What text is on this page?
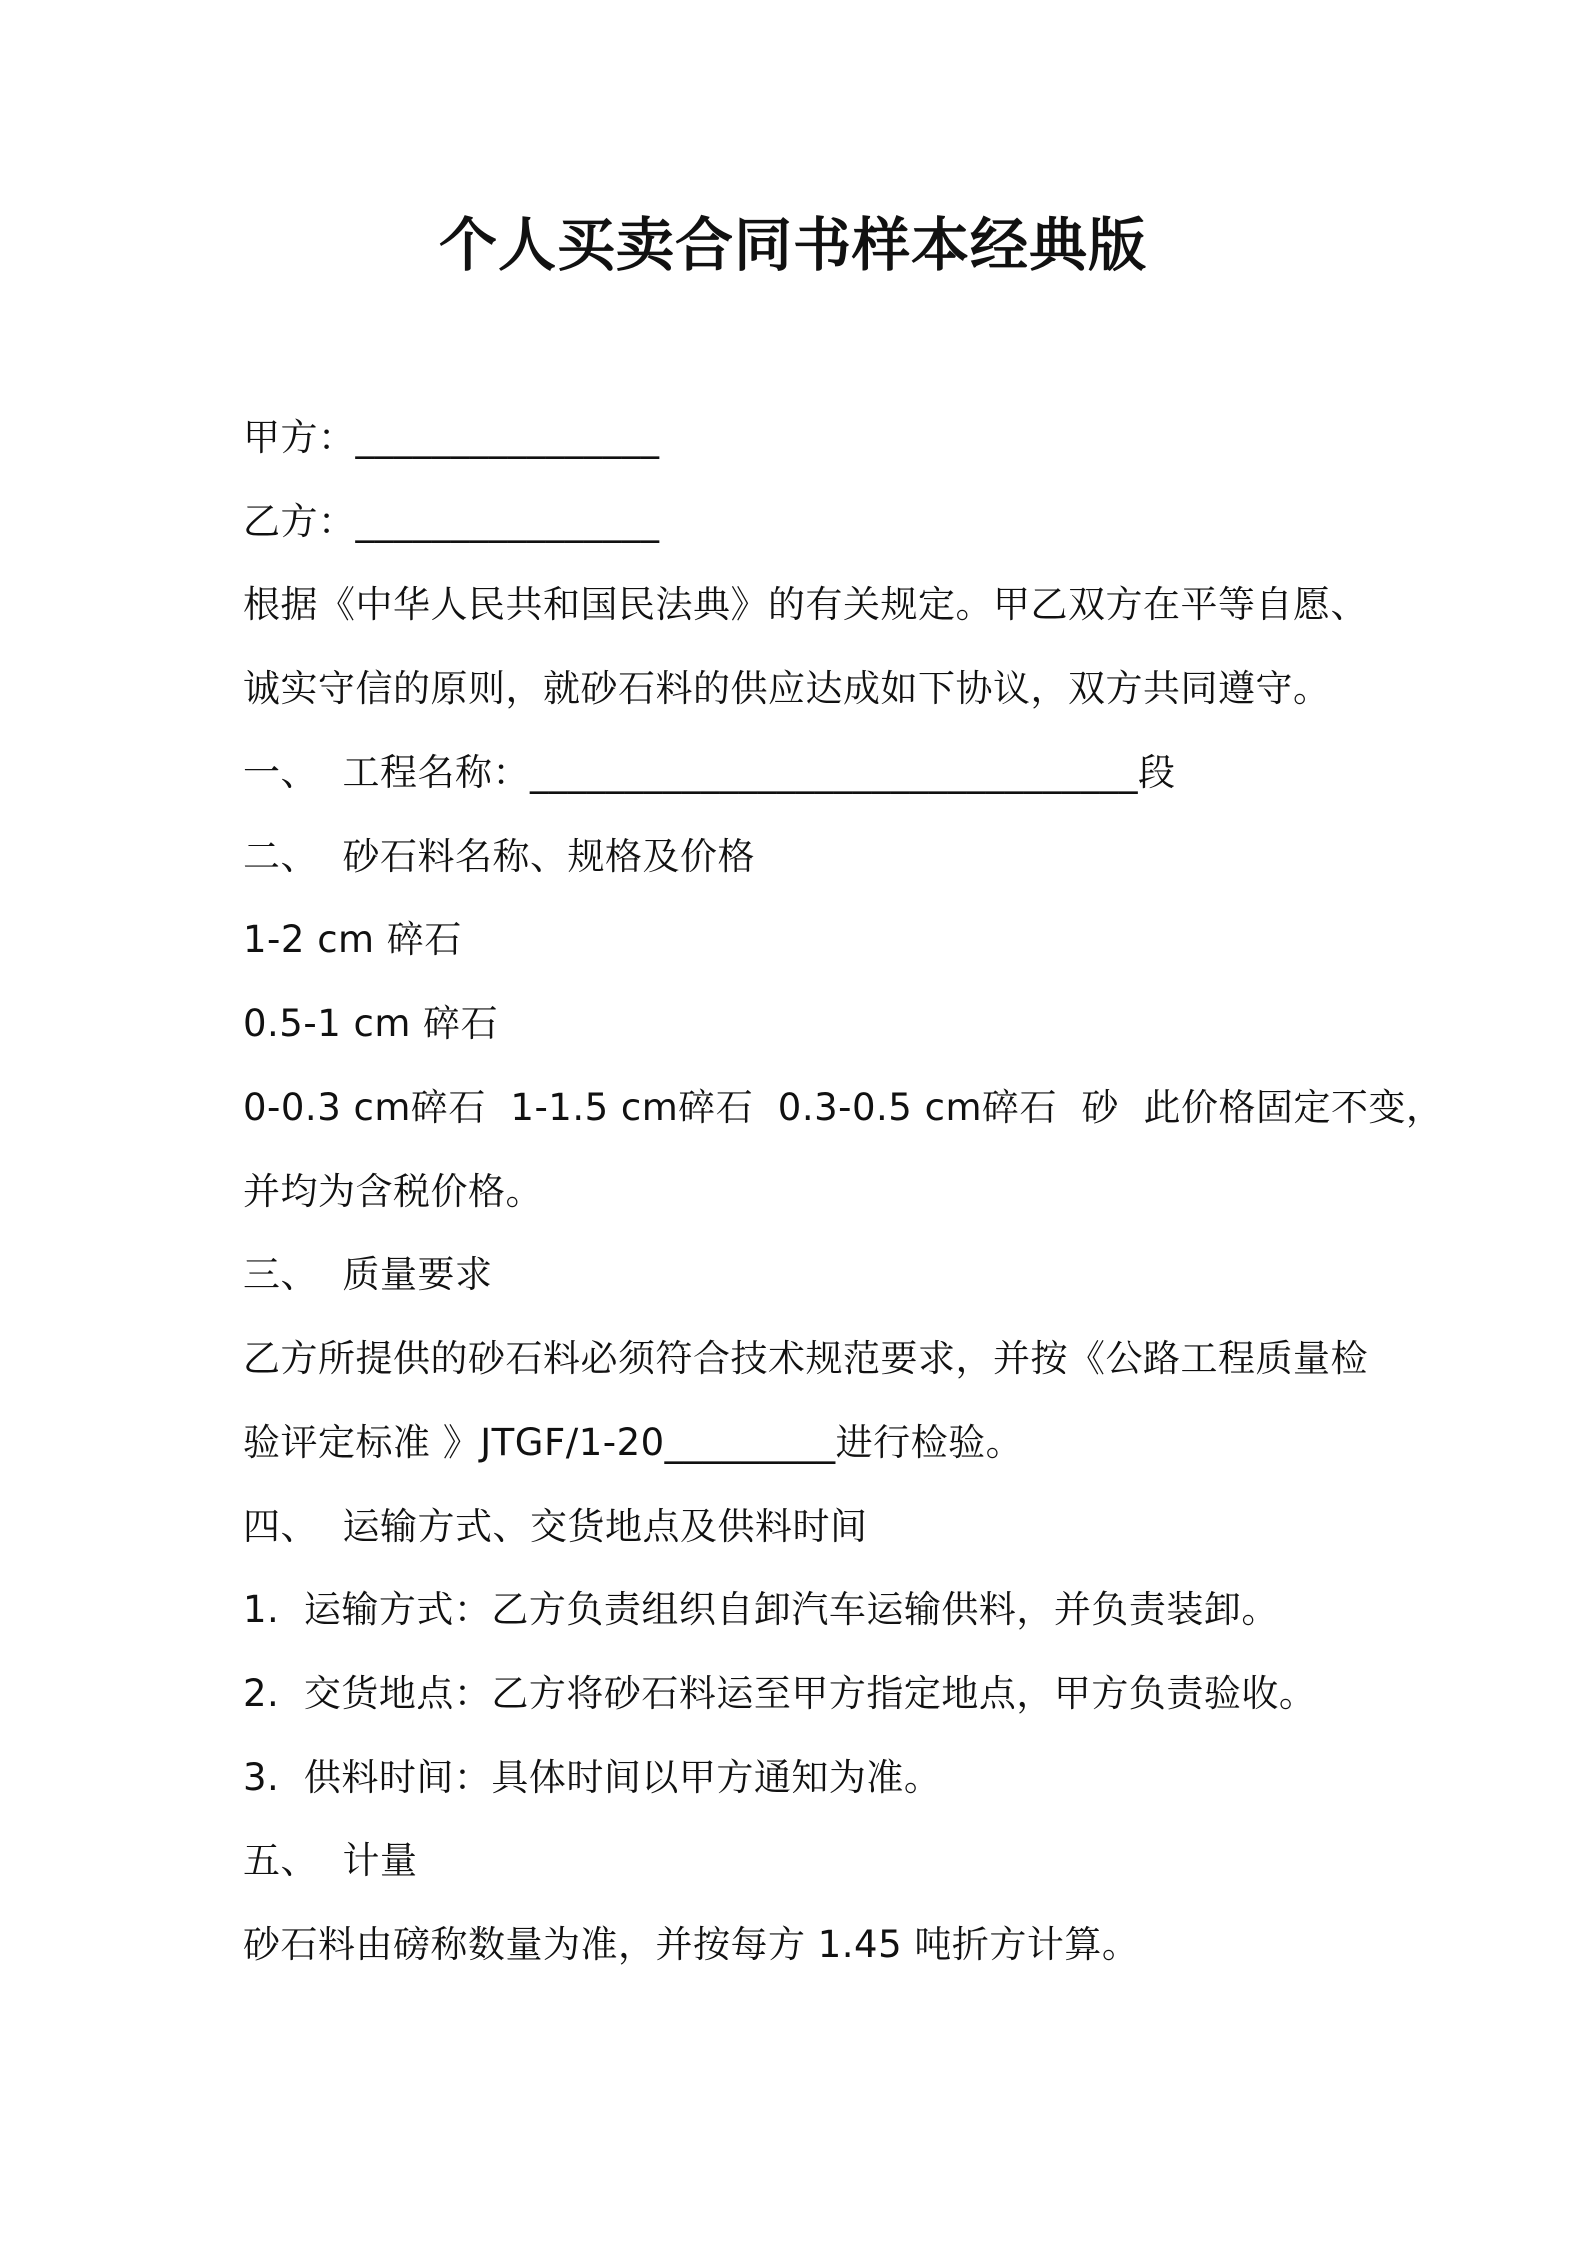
个人买卖合同书样本经典版
甲方：________________
乙方：________________
根据《中华人民共和国民法典》的有关规定。甲乙双方在平等自愿、
诚实守信的原则，就砂石料的供应达成如下协议，双方共同遵守。
一、  工程名称：________________________________段
二、  砂石料名称、规格及价格
1-2 cm 碎石
0.5-1 cm 碎石
0-0.3 cm碎石  1-1.5 cm碎石  0.3-0.5 cm碎石  砂  此价格固定不变，
并均为含税价格。
三、  质量要求
乙方所提供的砂石料必须符合技术规范要求，并按《公路工程质量检
验评定标准 》JTGF/1-20_________进行检验。
四、  运输方式、交货地点及供料时间
1.  运输方式：乙方负责组织自卸汽车运输供料，并负责装卸。
2.  交货地点：乙方将砂石料运至甲方指定地点，甲方负责验收。
3.  供料时间：具体时间以甲方通知为准。
五、  计量
砂石料由磅称数量为准，并按每方 1.45 吨折方计算。
